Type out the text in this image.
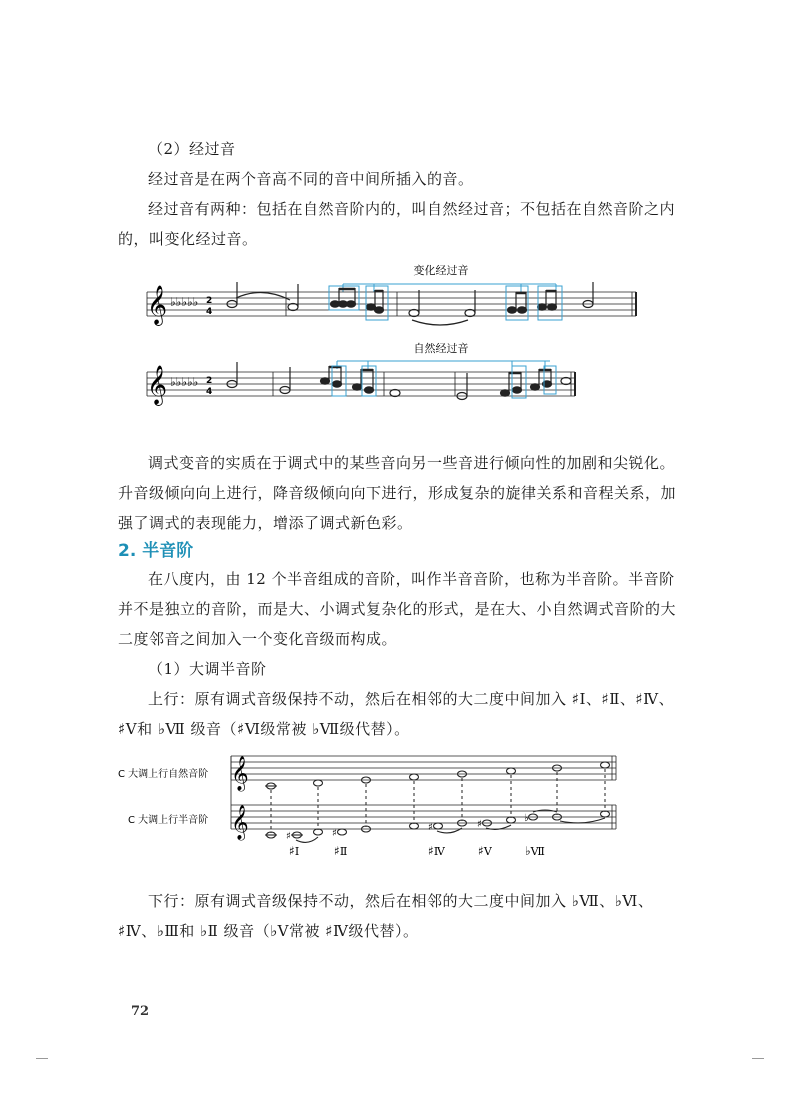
（2）经过音

经过音是在两个音高不同的音中间所插入的音。

经过音有两种：包括在自然音阶内的，叫自然经过音；不包括在自然音阶之内的，叫变化经过音。

变化经过音
自然经过音
𝄞 ♭♭♭♭♭ 2
4
𝄞 ♭♭♭♭♭ 2
4

调式变音的实质在于调式中的某些音向另一些音进行倾向性的加剧和尖锐化。升音级倾向向上进行，降音级倾向向下进行，形成复杂的旋律关系和音程关系，加强了调式的表现能力，增添了调式新色彩。

2. 半音阶

在八度内，由 12 个半音组成的音阶，叫作半音音阶，也称为半音阶。半音阶并不是独立的音阶，而是大、小调式复杂化的形式，是在大、小自然调式音阶的大二度邻音之间加入一个变化音级而构成。

（1）大调半音阶

上行：原有调式音级保持不动，然后在相邻的大二度中间加入 ♯Ⅰ、♯Ⅱ、♯Ⅳ、♯Ⅴ和 ♭Ⅶ 级音（♯Ⅵ级常被 ♭Ⅶ级代替）。

C 大调上行自然音阶
C 大调上行半音阶
𝄞
𝄞	♯	♯
♯	♯
♭
♯Ⅰ	♯Ⅱ	♯Ⅳ	♯Ⅴ	♭Ⅶ

下行：原有调式音级保持不动，然后在相邻的大二度中间加入 ♭Ⅶ、♭Ⅵ、♯Ⅳ、♭Ⅲ和 ♭Ⅱ 级音（♭Ⅴ常被 ♯Ⅳ级代替）。

72
